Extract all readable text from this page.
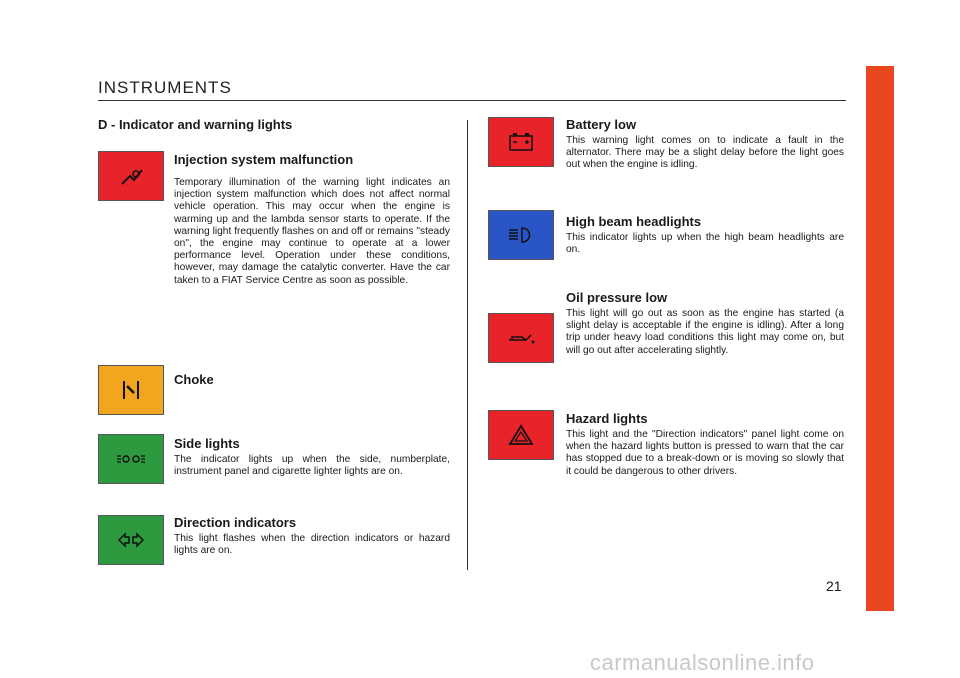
INSTRUMENTS
D - Indicator and warning lights
Injection system malfunction
Temporary illumination of the warning light indicates an injection system malfunction which does not affect normal vehicle operation. This may occur when the engine is warming up and the lambda sensor starts to operate. If the warning light frequently flashes on and off or remains "steady on", the engine may continue to operate at a lower performance level. Operation under these conditions, however, may damage the catalytic converter. Have the car taken to a FIAT Service Centre as soon as possible.
Choke
Side lights
The indicator lights up when the side, numberplate, instrument panel and cigarette lighter lights are on.
Direction indicators
This light flashes when the direction indicators or hazard lights are on.
Battery low
This warning light comes on to indicate a fault in the alternator. There may be a slight delay before the light goes out when the engine is idling.
High beam headlights
This indicator lights up when the high beam headlights are on.
Oil pressure low
This light will go out as soon as the engine has started (a slight delay is acceptable if the engine is idling). After a long trip under heavy load conditions this light may come on, but will go out after accelerating slightly.
Hazard lights
This light and the "Direction indicators" panel light come on when the hazard lights button is pressed to warn that the car has stopped due to a break-down or is moving so slowly that it could be dangerous to other drivers.
21
carmanualsonline.info
